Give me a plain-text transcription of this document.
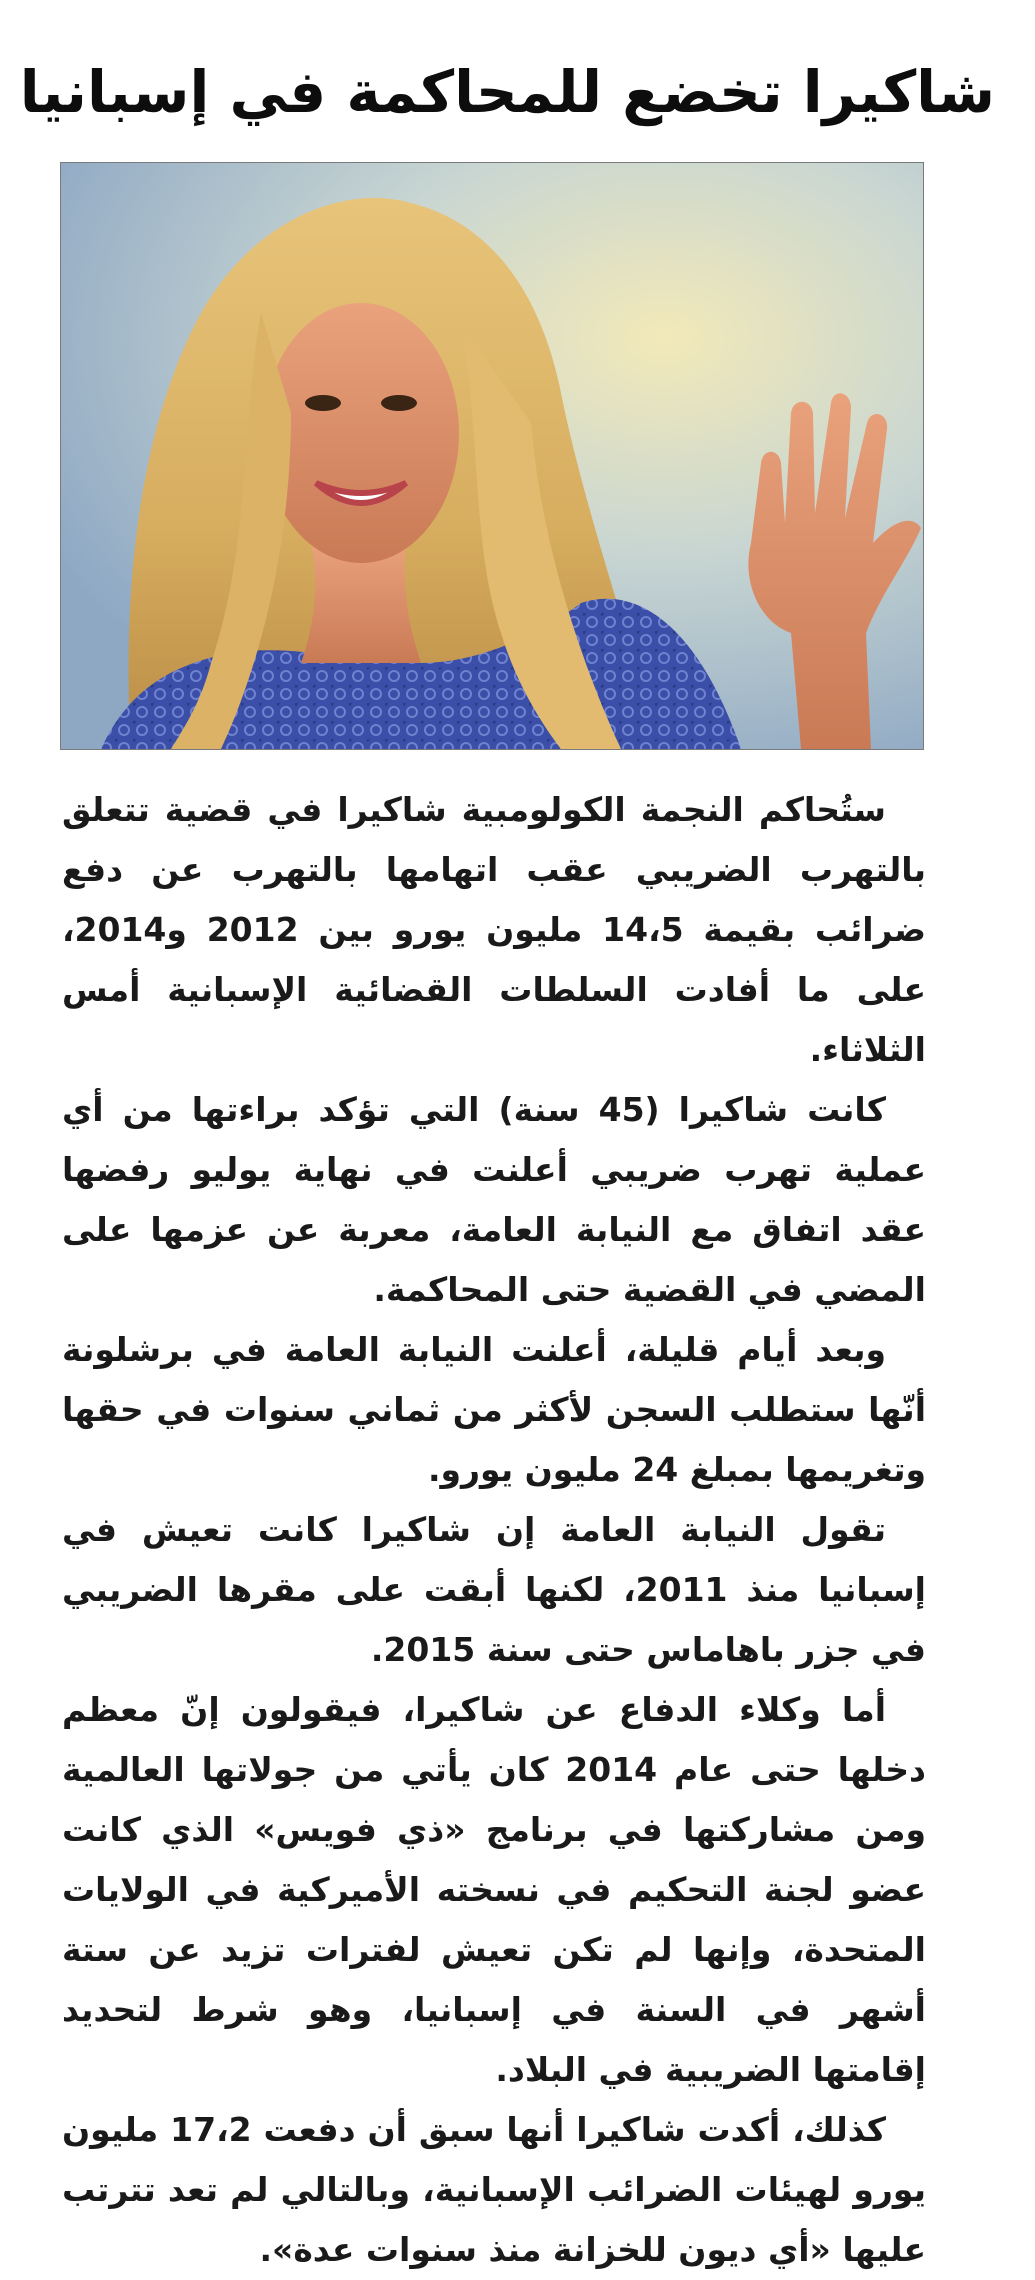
شاكيرا تخضع للمحاكمة في إسبانيا

ستُحاكم النجمة الكولومبية شاكيرا في قضية تتعلق بالتهرب الضريبي عقب اتهامها بالتهرب عن دفع ضرائب بقيمة 14،5 مليون يورو بين 2012 و2014، على ما أفادت السلطات القضائية الإسبانية أمس الثلاثاء.

كانت شاكيرا (45 سنة) التي تؤكد براءتها من أي عملية تهرب ضريبي أعلنت في نهاية يوليو رفضها عقد اتفاق مع النيابة العامة، معربة عن عزمها على المضي في القضية حتى المحاكمة.

وبعد أيام قليلة، أعلنت النيابة العامة في برشلونة أنّها ستطلب السجن لأكثر من ثماني سنوات في حقها وتغريمها بمبلغ 24 مليون يورو.

تقول النيابة العامة إن شاكيرا كانت تعيش في إسبانيا منذ 2011، لكنها أبقت على مقرها الضريبي في جزر باهاماس حتى سنة 2015.

أما وكلاء الدفاع عن شاكيرا، فيقولون إنّ معظم دخلها حتى عام 2014 كان يأتي من جولاتها العالمية ومن مشاركتها في برنامج «ذي فويس» الذي كانت عضو لجنة التحكيم في نسخته الأميركية في الولايات المتحدة، وإنها لم تكن تعيش لفترات تزيد عن ستة أشهر في السنة في إسبانيا، وهو شرط لتحديد إقامتها الضريبية في البلاد.

كذلك، أكدت شاكيرا أنها سبق أن دفعت 17،2 مليون يورو لهيئات الضرائب الإسبانية، وبالتالي لم تعد تترتب عليها «أي ديون للخزانة منذ سنوات عدة».
